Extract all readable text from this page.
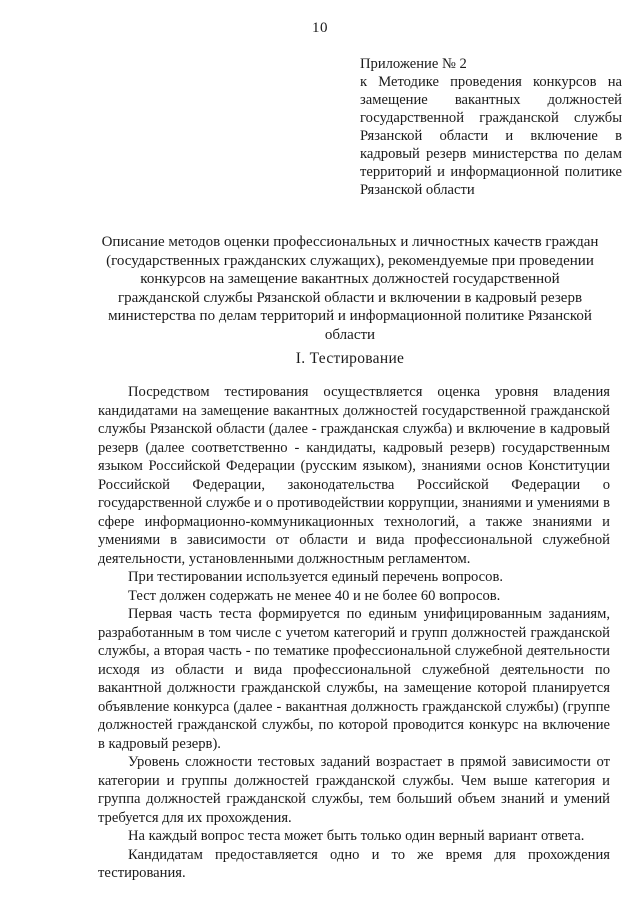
10

Приложение № 2

к Методике проведения конкурсов на замещение вакантных должностей государственной гражданской службы Рязанской области и включение в кадровый резерв министерства по делам территорий и информационной политике Рязанской области

Описание методов оценки профессиональных и личностных качеств граждан (государственных гражданских служащих), рекомендуемые при проведении конкурсов на замещение вакантных должностей государственной гражданской службы Рязанской области и включении в кадровый резерв министерства по делам территорий и информационной политике Рязанской области
I. Тестирование

Посредством тестирования осуществляется оценка уровня владения кандидатами на замещение вакантных должностей государственной гражданской службы Рязанской области (далее - гражданская служба) и включение в кадровый резерв (далее соответственно - кандидаты, кадровый резерв) государственным языком Российской Федерации (русским языком), знаниями основ Конституции Российской Федерации, законодательства Российской Федерации о государственной службе и о противодействии коррупции, знаниями и умениями в сфере информационно-коммуникационных технологий, а также знаниями и умениями в зависимости от области и вида профессиональной служебной деятельности, установленными должностным регламентом.

При тестировании используется единый перечень вопросов.

Тест должен содержать не менее 40 и не более 60 вопросов.

Первая часть теста формируется по единым унифицированным заданиям, разработанным в том числе с учетом категорий и групп должностей гражданской службы, а вторая часть - по тематике профессиональной служебной деятельности исходя из области и вида профессиональной служебной деятельности по вакантной должности гражданской службы, на замещение которой планируется объявление конкурса (далее - вакантная должность гражданской службы) (группе должностей гражданской службы, по которой проводится конкурс на включение в кадровый резерв).

Уровень сложности тестовых заданий возрастает в прямой зависимости от категории и группы должностей гражданской службы. Чем выше категория и группа должностей гражданской службы, тем больший объем знаний и умений требуется для их прохождения.

На каждый вопрос теста может быть только один верный вариант ответа.

Кандидатам предоставляется одно и то же время для прохождения тестирования.
